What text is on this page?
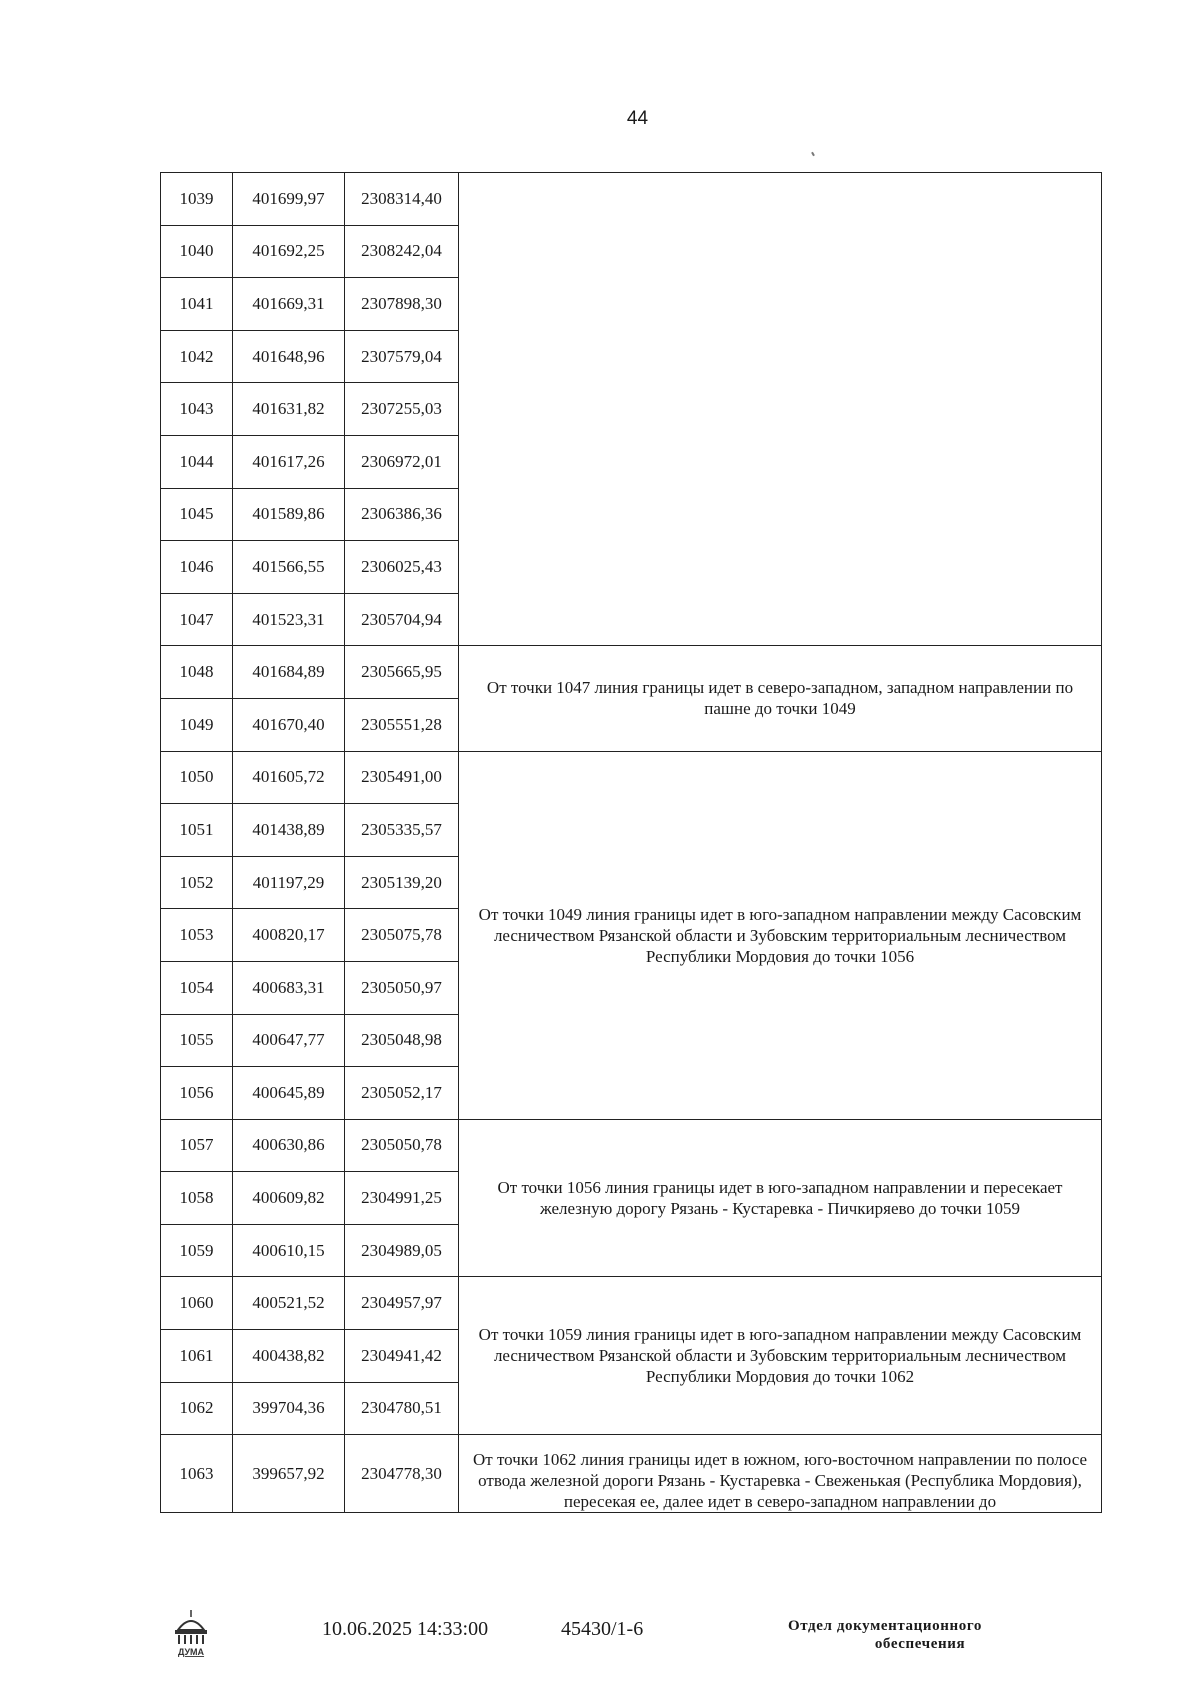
44
1039	401699,97	2308314,40	
1040	401692,25	2308242,04	
1041	401669,31	2307898,30	
1042	401648,96	2307579,04	
1043	401631,82	2307255,03	
1044	401617,26	2306972,01	
1045	401589,86	2306386,36	
1046	401566,55	2306025,43	
1047	401523,31	2305704,94	
1048	401684,89	2305665,95	От точки 1047 линия границы идет в северо-западном, западном направлении по пашне до точки 1049
1049	401670,40	2305551,28	
1050	401605,72	2305491,00	От точки 1049 линия границы идет в юго-западном направлении между Сасовским лесничеством Рязанской области и Зубовским территориальным лесничеством Республики Мордовия до точки 1056
1051	401438,89	2305335,57	
1052	401197,29	2305139,20	
1053	400820,17	2305075,78	
1054	400683,31	2305050,97	
1055	400647,77	2305048,98	
1056	400645,89	2305052,17	
1057	400630,86	2305050,78	От точки 1056 линия границы идет в юго-западном направлении и пересекает железную дорогу Рязань - Кустаревка - Пичкиряево до точки 1059
1058	400609,82	2304991,25	
1059	400610,15	2304989,05	
1060	400521,52	2304957,97	От точки 1059 линия границы идет в юго-западном направлении между Сасовским лесничеством Рязанской области и Зубовским территориальным лесничеством Республики Мордовия до точки 1062
1061	400438,82	2304941,42	
1062	399704,36	2304780,51	
1063	399657,92	2304778,30	От точки 1062 линия границы идет в южном, юго-восточном направлении по полосе отвода железной дороги Рязань - Кустаревка - Свеженькая (Республика Мордовия), пересекая ее, далее идет в северо-западном направлении до
ДУМА
10.06.2025 14:33:00	45430/1-6	Отдел документационного
обеспечения
